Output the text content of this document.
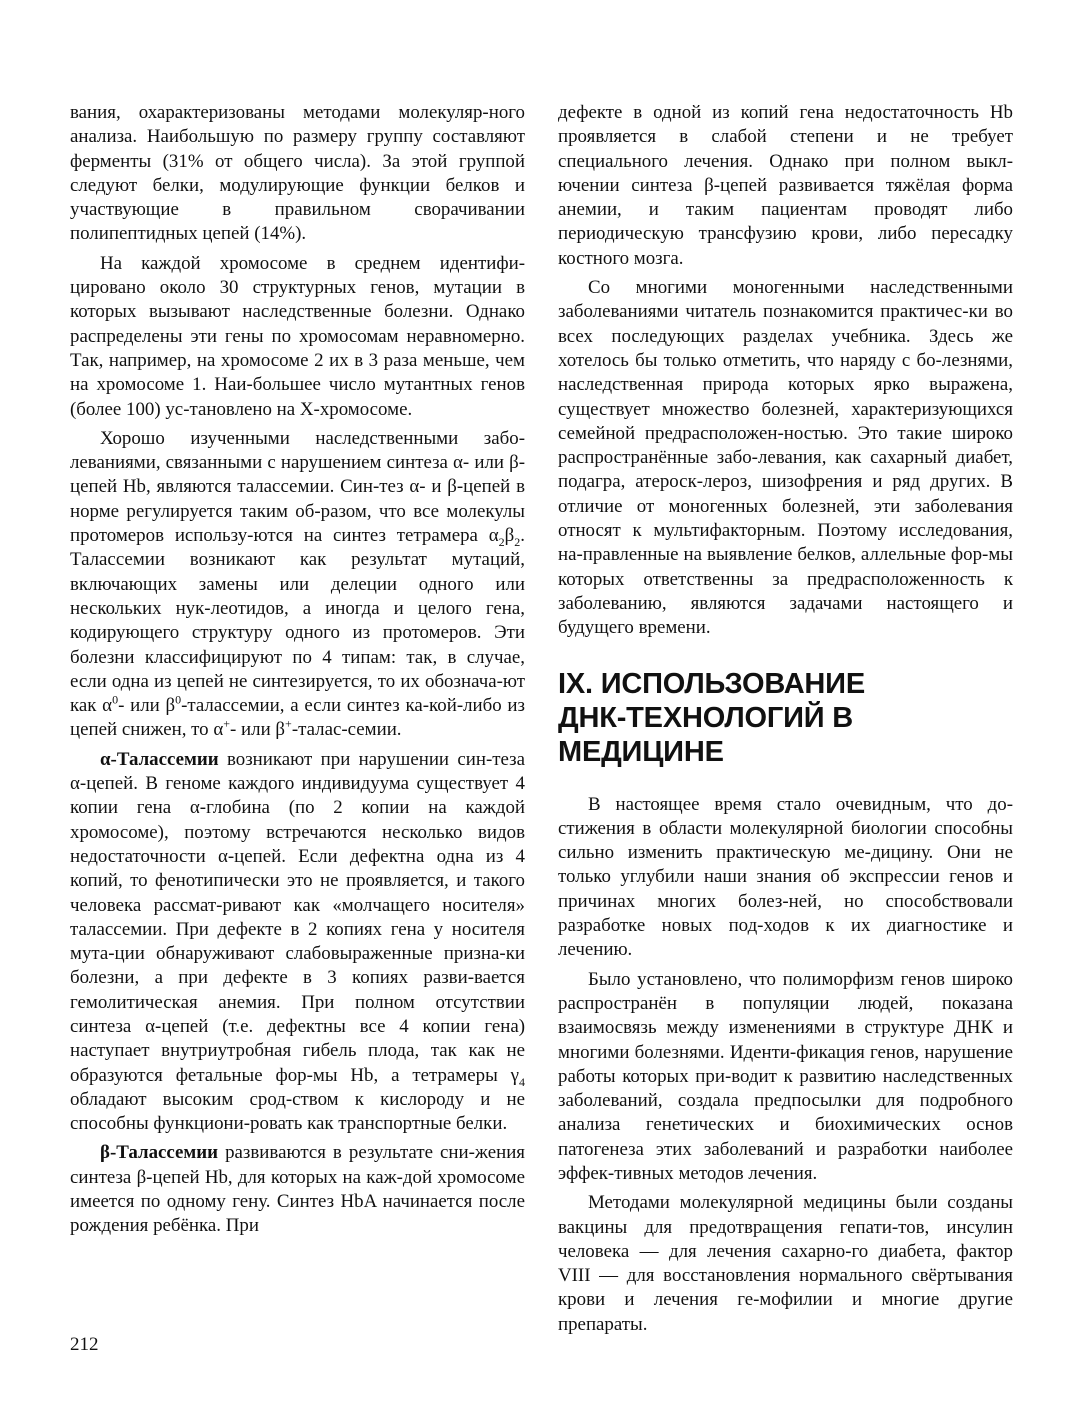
вания, охарактеризованы методами молекуляр-ного анализа. Наибольшую по размеру группу составляют ферменты (31% от общего числа). За этой группой следуют белки, модулирующие функции белков и участвующие в правильном сворачивании полипептидных цепей (14%).

На каждой хромосоме в среднем идентифи-цировано около 30 структурных генов, мутации в которых вызывают наследственные болезни. Однако распределены эти гены по хромосомам неравномерно. Так, например, на хромосоме 2 их в 3 раза меньше, чем на хромосоме 1. Наи-большее число мутантных генов (более 100) ус-тановлено на Х-хромосоме.

Хорошо изученными наследственными забо-леваниями, связанными с нарушением синтеза α- или β-цепей Hb, являются талассемии. Син-тез α- и β-цепей в норме регулируется таким об-разом, что все молекулы протомеров использу-ются на синтез тетрамера $\alpha_2\beta_2$. Талассемии возникают как результат мутаций, включающих замены или делеции одного или нескольких нук-леотидов, а иногда и целого гена, кодирующего структуру одного из протомеров. Эти болезни классифицируют по 4 типам: так, в случае, если одна из цепей не синтезируется, то их обознача-ют как $\alpha^0-$ или $\beta^0$-талассемии, а если синтез ка-кой-либо из цепей снижен, то α+- или β+-талас-семии.

α-Талассемии возникают при нарушении син-теза α-цепей. В геноме каждого индивидуума существует 4 копии гена α-глобина (по 2 копии на каждой хромосоме), поэтому встречаются несколько видов недостаточности α-цепей. Если дефектна одна из 4 копий, то фенотипически это не проявляется, и такого человека рассмат-ривают как «молчащего носителя» талассемии. При дефекте в 2 копиях гена у носителя мута-ции обнаруживают слабовыраженные призна-ки болезни, а при дефекте в 3 копиях разви-вается гемолитическая анемия. При полном отсутствии синтеза α-цепей (т.е. дефектны все 4 копии гена) наступает внутриутробная гибель плода, так как не образуются фетальные фор-мы Hb, а тетрамеры $\gamma_4$ обладают высоким срод-ством к кислороду и не способны функциони-ровать как транспортные белки.

β-Талассемии развиваются в результате сни-жения синтеза β-цепей Hb, для которых на каж-дой хромосоме имеется по одному гену. Синтез HbA начинается после рождения ребёнка. При

дефекте в одной из копий гена недостаточность Hb проявляется в слабой степени и не требует специального лечения. Однако при полном выкл-ючении синтеза β-цепей развивается тяжёлая форма анемии, и таким пациентам проводят либо периодическую трансфузию крови, либо пересадку костного мозга.

Со многими моногенными наследственными заболеваниями читатель познакомится практичес-ки во всех последующих разделах учебника. Здесь же хотелось бы только отметить, что наряду с бо-лезнями, наследственная природа которых ярко выражена, существует множество болезней, характеризующихся семейной предрасположен-ностью. Это такие широко распространённые забо-левания, как сахарный диабет, подагра, атероск-лероз, шизофрения и ряд других. В отличие от моногенных болезней, эти заболевания относят к мультифакторным. Поэтому исследования, на-правленные на выявление белков, аллельные фор-мы которых ответственны за предрасположенность к заболеванию, являются задачами настоящего и будущего времени.

IX. ИСПОЛЬЗОВАНИЕ
ДНК-ТЕХНОЛОГИЙ В МЕДИЦИНЕ

В настоящее время стало очевидным, что до-стижения в области молекулярной биологии способны сильно изменить практическую ме-дицину. Они не только углубили наши знания об экспрессии генов и причинах многих болез-ней, но способствовали разработке новых под-ходов к их диагностике и лечению.

Было установлено, что полиморфизм генов широко распространён в популяции людей, показана взаимосвязь между изменениями в структуре ДНК и многими болезнями. Иденти-фикация генов, нарушение работы которых при-водит к развитию наследственных заболеваний, создала предпосылки для подробного анализа генетических и биохимических основ патогенеза этих заболеваний и разработки наиболее эффек-тивных методов лечения.

Методами молекулярной медицины были созданы вакцины для предотвращения гепати-тов, инсулин человека — для лечения сахарно-го диабета, фактор VIII — для восстановления нормального свёртывания крови и лечения ге-мофилии и многие другие препараты.

212
